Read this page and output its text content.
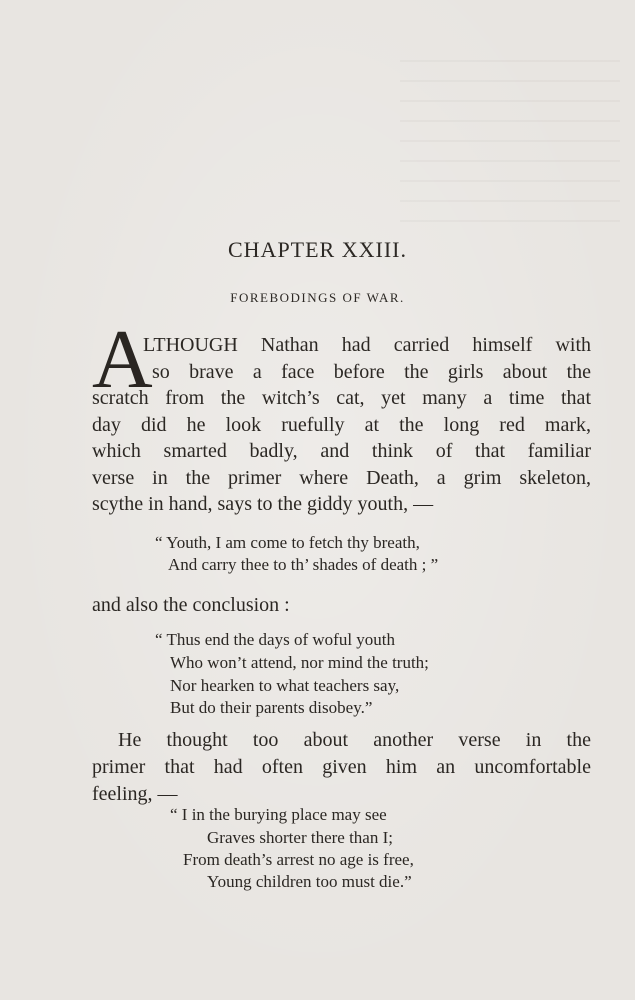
CHAPTER XXIII.
FOREBODINGS OF WAR.
A
LTHOUGH Nathan had carried himself with
so brave a face before the girls about the
scratch from the witch’s cat, yet many a time that
day did he look ruefully at the long red mark,
which smarted badly, and think of that familiar
verse in the primer where Death, a grim skeleton,
scythe in hand, says to the giddy youth, —
“ Youth, I am come to fetch thy breath,
And carry thee to th’ shades of death ; ”
and also the conclusion :
“ Thus end the days of woful youth
Who won’t attend, nor mind the truth;
Nor hearken to what teachers say,
But do their parents disobey.”
He thought too about another verse in the
primer that had often given him an uncomfortable
feeling, —
“ I in the burying place may see
Graves shorter there than I;
From death’s arrest no age is free,
Young children too must die.”
